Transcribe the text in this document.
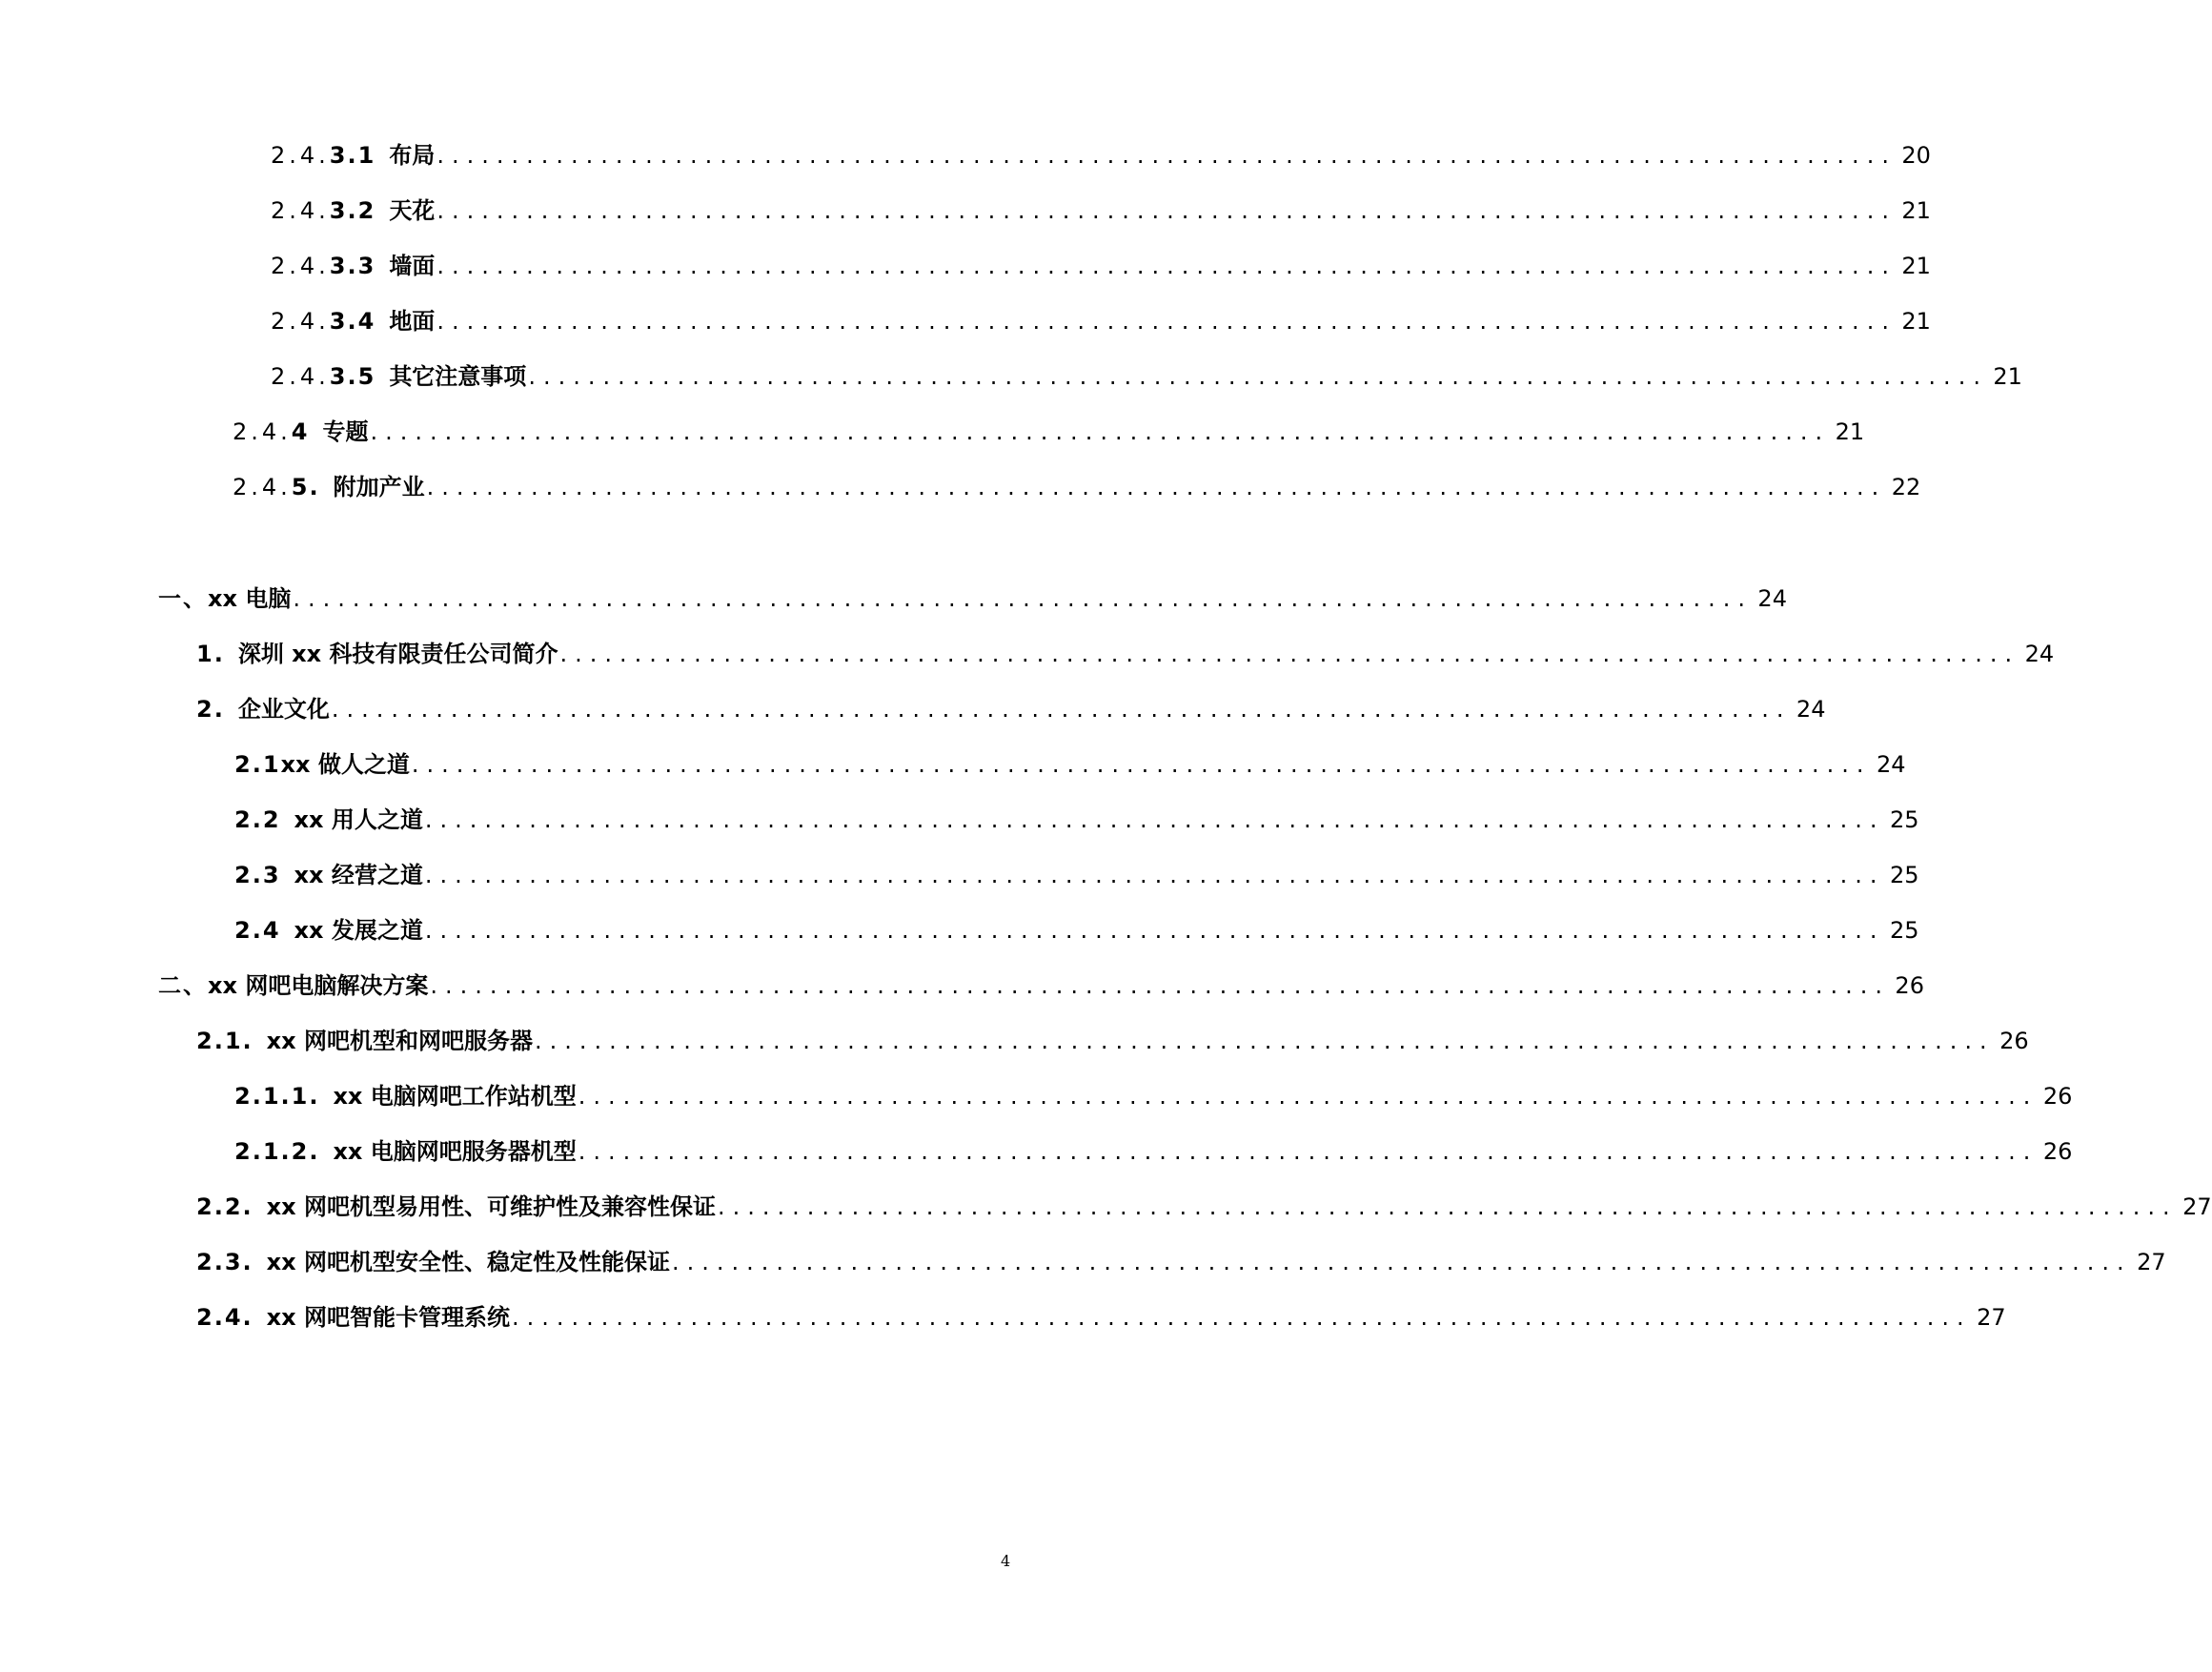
2.4.3.1 布局 .................................................................................................. 20
2.4.3.2 天花 .................................................................................................. 21
2.4.3.3 墙面 .................................................................................................. 21
2.4.3.4 地面 .................................................................................................. 21
2.4.3.5 其它注意事项 .................................................................................................. 21
2.4.4 专题 .................................................................................................. 21
2.4.5. 附加产业 .................................................................................................. 22
一、 xx 电脑 .................................................................................................. 24
1. 深圳 xx 科技有限责任公司简介 .................................................................................................. 24
2. 企业文化 .................................................................................................. 24
2.1 xx 做人之道 .................................................................................................. 24
2.2 xx 用人之道 .................................................................................................. 25
2.3 xx 经营之道 .................................................................................................. 25
2.4 xx 发展之道 .................................................................................................. 25
二、 xx 网吧电脑解决方案 .................................................................................................. 26
2.1. xx 网吧机型和网吧服务器 .................................................................................................. 26
2.1.1. xx 电脑网吧工作站机型 .................................................................................................. 26
2.1.2. xx 电脑网吧服务器机型 .................................................................................................. 26
2.2. xx 网吧机型易用性、可维护性及兼容性保证 .................................................................................................. 27
2.3. xx 网吧机型安全性、稳定性及性能保证 .................................................................................................. 27
2.4. xx 网吧智能卡管理系统 .................................................................................................. 27
4
